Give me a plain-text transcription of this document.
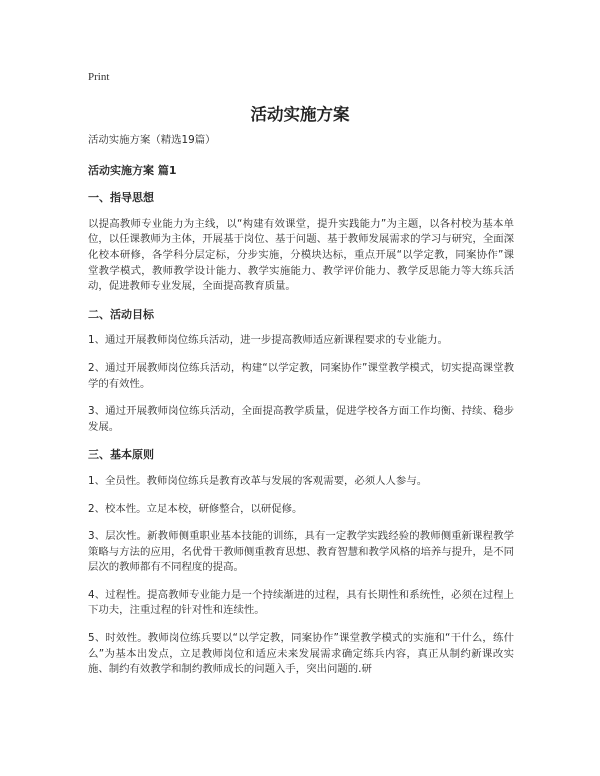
Print
活动实施方案

活动实施方案（精选19篇）

活动实施方案 篇1

一、指导思想

以提高教师专业能力为主线，以“构建有效课堂，提升实践能力”为主题，以各村校为基本单位，以任课教师为主体，开展基于岗位、基于问题、基于教师发展需求的学习与研究，全面深化校本研修，各学科分层定标，分步实施，分模块达标，重点开展“以学定教，同案协作”课堂教学模式，教师教学设计能力、教学实施能力、教学评价能力、教学反思能力等大练兵活动，促进教师专业发展，全面提高教育质量。

二、活动目标

1、通过开展教师岗位练兵活动，进一步提高教师适应新课程要求的专业能力。

2、通过开展教师岗位练兵活动，构建“以学定教，同案协作”课堂教学模式，切实提高课堂教学的有效性。

3、通过开展教师岗位练兵活动，全面提高教学质量，促进学校各方面工作均衡、持续、稳步发展。

三、基本原则

1、全员性。教师岗位练兵是教育改革与发展的客观需要，必须人人参与。

2、校本性。立足本校，研修整合，以研促修。

3、层次性。新教师侧重职业基本技能的训练，具有一定教学实践经验的教师侧重新课程教学策略与方法的应用，名优骨干教师侧重教育思想、教育智慧和教学风格的培养与提升，是不同层次的教师都有不同程度的提高。

4、过程性。提高教师专业能力是一个持续渐进的过程，具有长期性和系统性，必须在过程上下功夫，注重过程的针对性和连续性。

5、时效性。教师岗位练兵要以“以学定教，同案协作”课堂教学模式的实施和“干什么，练什么”为基本出发点，立足教师岗位和适应未来发展需求确定练兵内容，真正从制约新课改实施、制约有效教学和制约教师成长的问题入手，突出问题的.研
